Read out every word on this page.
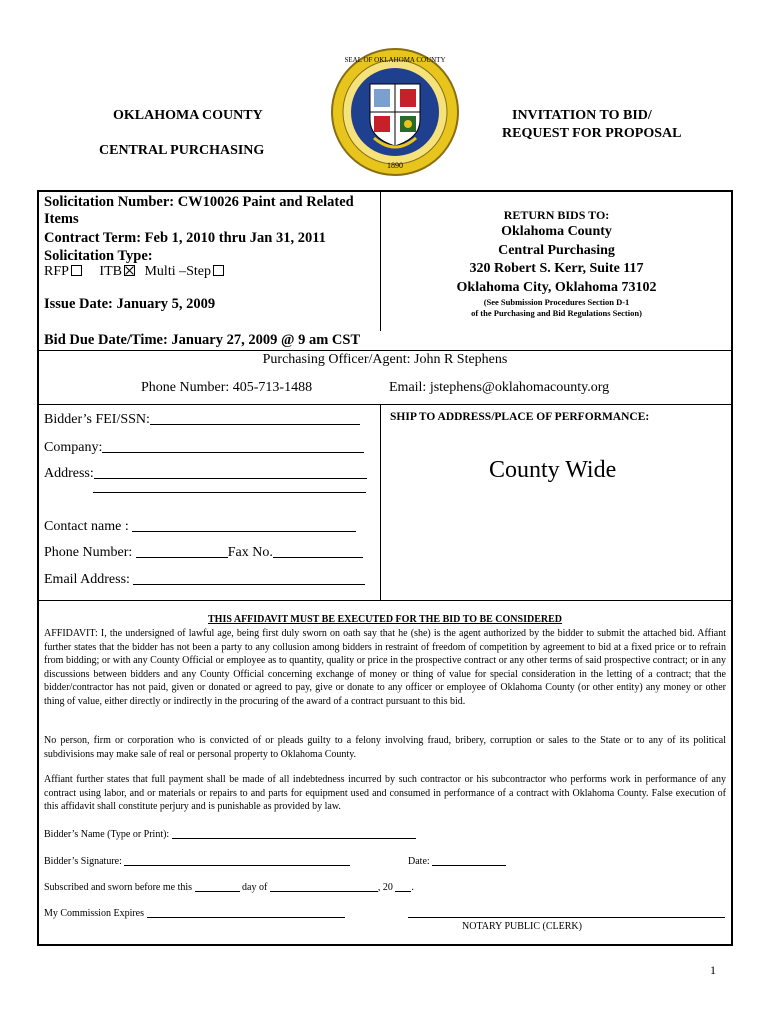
OKLAHOMA COUNTY
CENTRAL PURCHASING
INVITATION TO BID/
REQUEST FOR PROPOSAL
1890
SEAL OF OKLAHOMA COUNTY
Solicitation Number: CW10026 Paint and Related
Items
Contract Term: Feb 1, 2010 thru Jan 31, 2011
Solicitation Type:
RFP ITB Multi –Step
Issue Date: January 5, 2009
Bid Due Date/Time: January 27, 2009 @ 9 am CST
RETURN BIDS TO:
Oklahoma County
Central Purchasing
320 Robert S. Kerr, Suite 117
Oklahoma City, Oklahoma 73102
(See Submission Procedures Section D-1
of the Purchasing and Bid Regulations Section)
Purchasing Officer/Agent: John R Stephens
Phone Number: 405-713-1488	Email: jstephens@oklahomacounty.org
Bidder’s FEI/SSN:
Company:
Address:
Contact name :
Phone Number:	Fax No.
Email Address:
SHIP TO ADDRESS/PLACE OF PERFORMANCE:
County Wide
THIS AFFIDAVIT MUST BE EXECUTED FOR THE BID TO BE CONSIDERED
AFFIDAVIT: I, the undersigned of lawful age, being first duly sworn on oath say that he (she) is the agent authorized by the bidder to submit the attached bid. Affiant further states that the bidder has not been a party to any collusion among bidders in restraint of freedom of competition by agreement to bid at a fixed price or to refrain from bidding; or with any County Official or employee as to quantity, quality or price in the prospective contract or any other terms of said prospective contract; or in any discussions between bidders and any County Official concerning exchange of money or thing of value for special consideration in the letting of a contract; that the bidder/contractor has not paid, given or donated or agreed to pay, give or donate to any officer or employee of Oklahoma County (or other entity) any money or other thing of value, either directly or indirectly in the procuring of the award of a contract pursuant to this bid.
No person, firm or corporation who is convicted of or pleads guilty to a felony involving fraud, bribery, corruption or sales to the State or to any of its political subdivisions may make sale of real or personal property to Oklahoma County.
Affiant further states that full payment shall be made of all indebtedness incurred by such contractor or his subcontractor who performs work in performance of any contract using labor, and or materials or repairs to and parts for equipment used and consumed in performance of a contract with Oklahoma County. False execution of this affidavit shall constitute perjury and is punishable as provided by law.
Bidder’s Name (Type or Print):
Bidder’s Signature:	Date:
Subscribed and sworn before me this	day of	, 20 .
My Commission Expires
NOTARY PUBLIC (CLERK)
1
